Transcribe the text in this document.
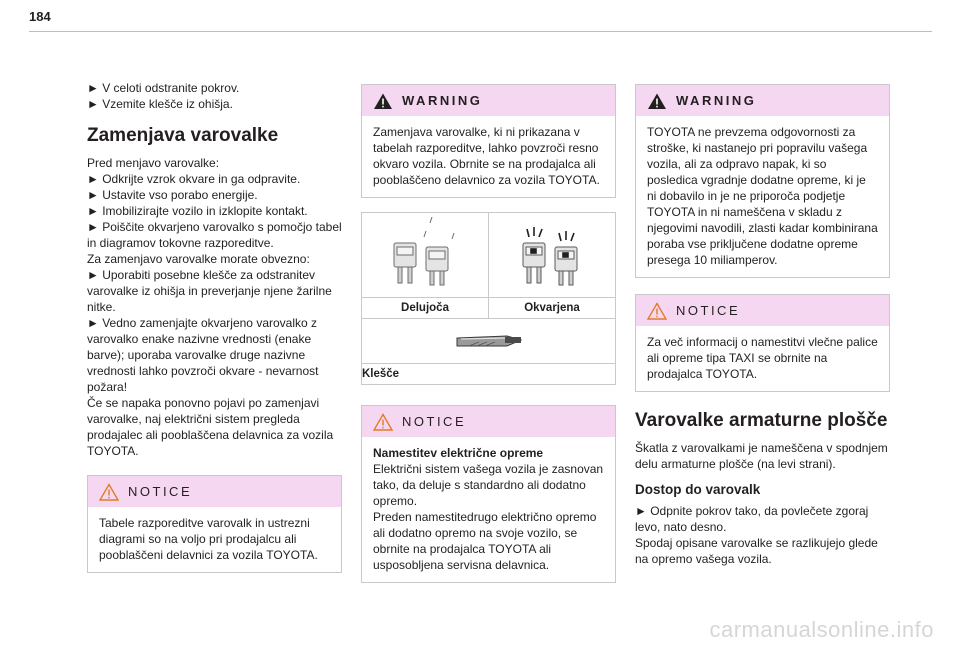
184

► V celoti odstranite pokrov.

► Vzemite klešče iz ohišja.

Zamenjava varovalke

Pred menjavo varovalke:

► Odkrijte vzrok okvare in ga odpravite.

► Ustavite vso porabo energije.

► Imobilizirajte vozilo in izklopite kontakt.

► Poiščite okvarjeno varovalko s pomočjo tabel in diagramov tokovne razporeditve.

Za zamenjavo varovalke morate obvezno:

► Uporabiti posebne klešče za odstranitev varovalke iz ohišja in preverjanje njene žarilne nitke.

► Vedno zamenjajte okvarjeno varovalko z varovalko enake nazivne vrednosti (enake barve); uporaba varovalke druge nazivne vrednosti lahko povzroči okvare - nevarnost požara!

Če se napaka ponovno pojavi po zamenjavi varovalke, naj električni sistem pregleda prodajalec ali pooblaščena delavnica za vozila TOYOTA.

NOTICE
Tabele razporeditve varovalk in ustrezni diagrami so na voljo pri prodajalcu ali pooblaščeni delavnici za vozila TOYOTA.
WARNING
Zamenjava varovalke, ki ni prikazana v tabelah razporeditve, lahko povzroči resno okvaro vozila. Obrnite se na prodajalca ali pooblaščeno delavnico za vozila TOYOTA.
Delujoča	Okvarjena
Klešče
NOTICE
Namestitev električne opreme
Električni sistem vašega vozila je zasnovan tako, da deluje s standardno ali dodatno opremo.
Preden namestitedrugo električno opremo ali dodatno opremo na svoje vozilo, se obrnite na prodajalca TOYOTA ali usposobljena servisna delavnica.
WARNING
TOYOTA ne prevzema odgovornosti za stroške, ki nastanejo pri popravilu vašega vozila, ali za odpravo napak, ki so posledica vgradnje dodatne opreme, ki je ni dobavilo in je ne priporoča podjetje TOYOTA in ni nameščena v skladu z njegovimi navodili, zlasti kadar kombinirana poraba vse priključene dodatne opreme presega 10 miliamperov.
NOTICE
Za več informacij o namestitvi vlečne palice ali opreme tipa TAXI se obrnite na prodajalca TOYOTA.
Varovalke armaturne plošče

Škatla z varovalkami je nameščena v spodnjem delu armaturne plošče (na levi strani).

Dostop do varovalk

► Odpnite pokrov tako, da povlečete zgoraj levo, nato desno.

Spodaj opisane varovalke se razlikujejo glede na opremo vašega vozila.

carmanualsonline.info
